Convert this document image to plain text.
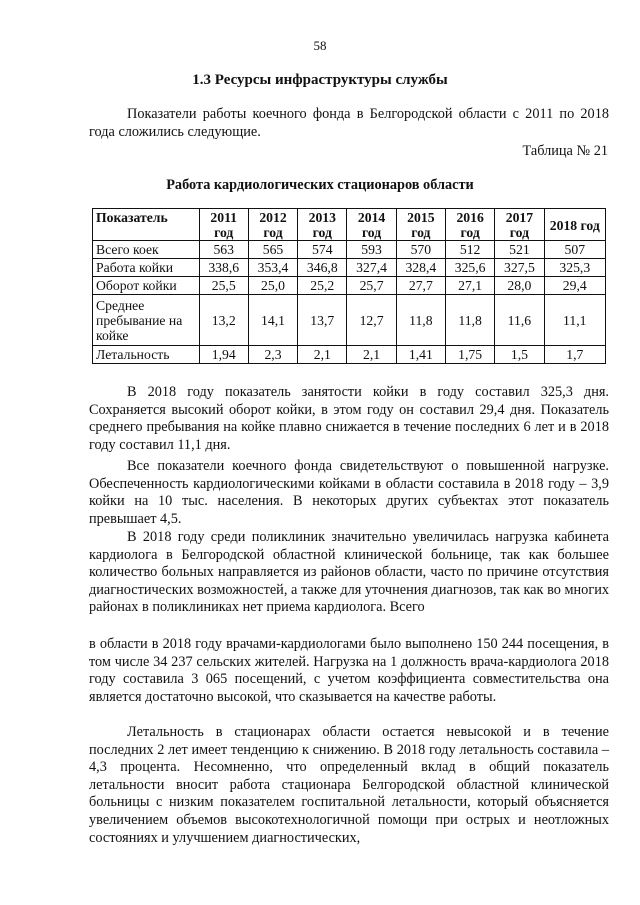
58
1.3 Ресурсы инфраструктуры службы
Показатели работы коечного фонда в Белгородской области с 2011 по 2018 года сложились следующие.
Таблица № 21
Работа кардиологических стационаров области
Показатель	2011 год	2012 год	2013 год	2014 год	2015 год	2016 год	2017 год	2018 год
Всего коек	563	565	574	593	570	512	521	507
Работа койки	338,6	353,4	346,8	327,4	328,4	325,6	327,5	325,3
Оборот койки	25,5	25,0	25,2	25,7	27,7	27,1	28,0	29,4
Среднее пребывание на койке	13,2	14,1	13,7	12,7	11,8	11,8	11,6	11,1
Летальность	1,94	2,3	2,1	2,1	1,41	1,75	1,5	1,7
В 2018 году показатель занятости койки в году составил 325,3 дня. Сохраняется высокий оборот койки, в этом году он составил 29,4 дня. Показатель среднего пребывания на койке плавно снижается в течение последних 6 лет и в 2018 году составил 11,1 дня.
Все показатели коечного фонда свидетельствуют о повышенной нагрузке. Обеспеченность кардиологическими койками в области составила в 2018 году – 3,9 койки на 10 тыс. населения. В некоторых других субъектах этот показатель превышает 4,5.
В 2018 году среди поликлиник значительно увеличилась нагрузка кабинета кардиолога в Белгородской областной клинической больнице, так как большее количество больных направляется из районов области, часто по причине отсутствия диагностических возможностей, а также для уточнения диагнозов, так как во многих районах в поликлиниках нет приема кардиолога. Всего
в области в 2018 году врачами-кардиологами было выполнено 150 244 посещения, в том числе 34 237 сельских жителей. Нагрузка на 1 должность врача-кардиолога 2018 году составила 3 065 посещений, с учетом коэффициента совместительства она является достаточно высокой, что сказывается на качестве работы.
Летальность в стационарах области остается невысокой и в течение последних 2 лет имеет тенденцию к снижению. В 2018 году летальность составила – 4,3 процента. Несомненно, что определенный вклад в общий показатель летальности вносит работа стационара Белгородской областной клинической больницы с низким показателем госпитальной летальности, который объясняется увеличением объемов высокотехнологичной помощи при острых и неотложных состояниях и улучшением диагностических,
